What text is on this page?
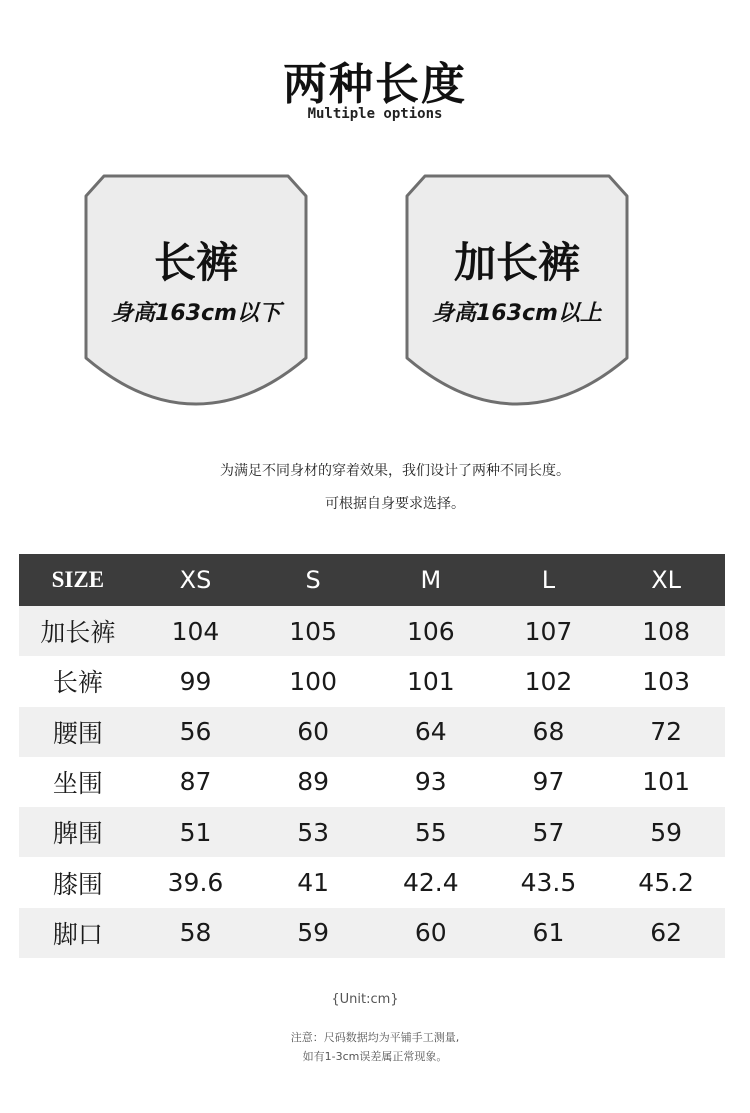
两种长度
Multiple options
长裤
身高163cm以下
加长裤
身高163cm以上
为满足不同身材的穿着效果，我们设计了两种不同长度。
可根据自身要求选择。
SIZE	XS	S	M	L	XL
加长裤	104	105	106	107	108
长裤	99	100	101	102	103
腰围	56	60	64	68	72
坐围	87	89	93	97	101
脾围	51	53	55	57	59
膝围	39.6	41	42.4	43.5	45.2
脚口	58	59	60	61	62
{Unit:cm}
注意：尺码数据均为平铺手工测量,
如有1-3cm误差属正常现象。
